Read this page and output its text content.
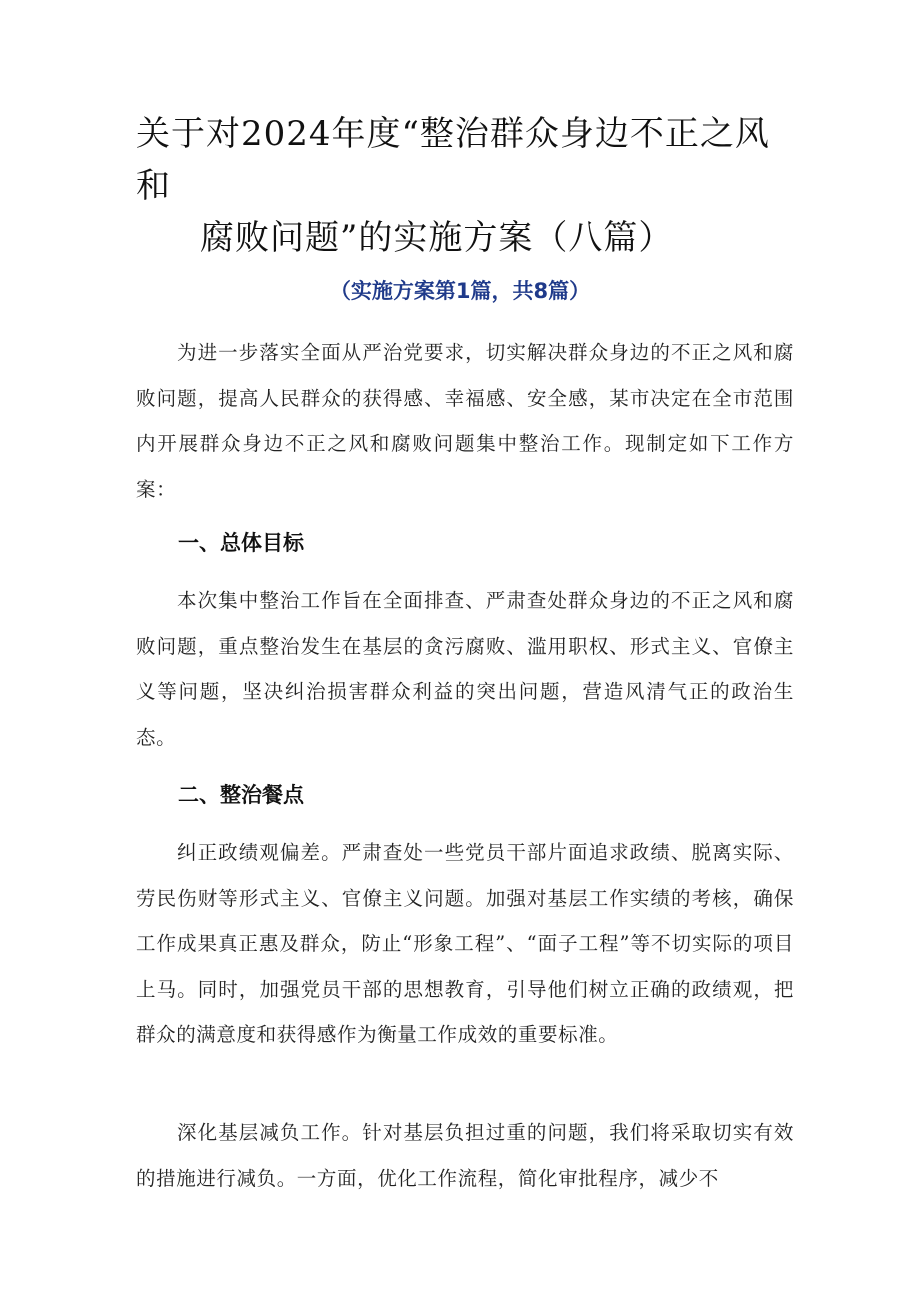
关于对2024年度“整治群众身边不正之风和
腐败问题”的实施方案（八篇）

（实施方案第1篇，共8篇）

为进一步落实全面从严治党要求，切实解决群众身边的不正之风和腐败问题，提高人民群众的获得感、幸福感、安全感，某市决定在全市范围内开展群众身边不正之风和腐败问题集中整治工作。现制定如下工作方案：

一、总体目标

本次集中整治工作旨在全面排查、严肃查处群众身边的不正之风和腐败问题，重点整治发生在基层的贪污腐败、滥用职权、形式主义、官僚主义等问题，坚决纠治损害群众利益的突出问题，营造风清气正的政治生态。

二、整治餐点

纠正政绩观偏差。严肃查处一些党员干部片面追求政绩、脱离实际、劳民伤财等形式主义、官僚主义问题。加强对基层工作实绩的考核，确保工作成果真正惠及群众，防止“形象工程”、“面子工程”等不切实际的项目上马。同时，加强党员干部的思想教育，引导他们树立正确的政绩观，把群众的满意度和获得感作为衡量工作成效的重要标准。

深化基层减负工作。针对基层负担过重的问题，我们将采取切实有效的措施进行减负。一方面，优化工作流程，简化审批程序，减少不
